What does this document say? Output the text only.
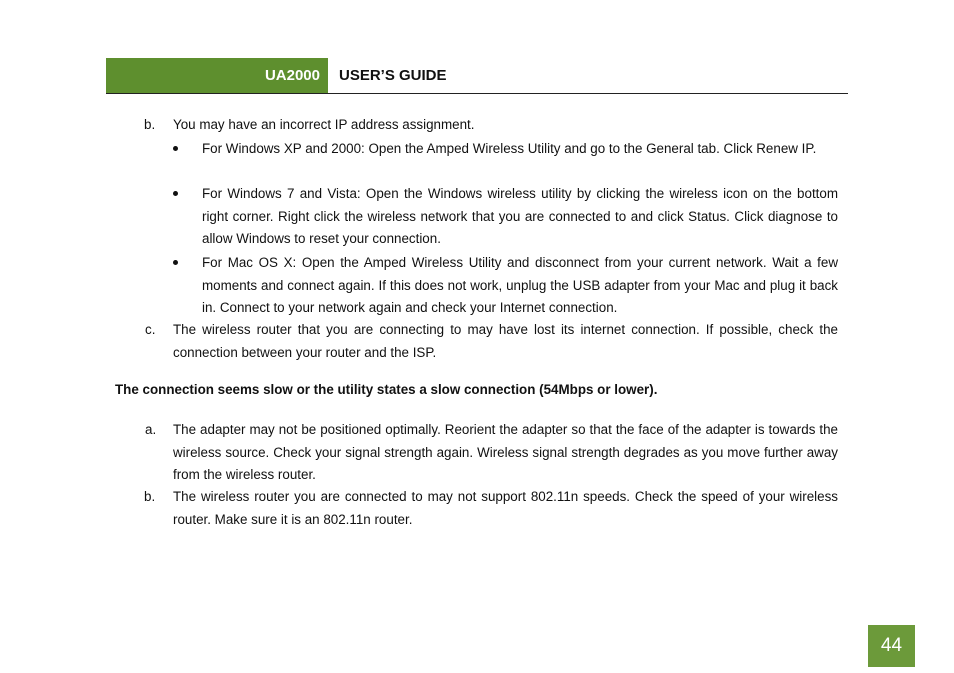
UA2000 USER’S GUIDE
b. You may have an incorrect IP address assignment.
For Windows XP and 2000: Open the Amped Wireless Utility and go to the General tab. Click Renew IP.
For Windows 7 and Vista: Open the Windows wireless utility by clicking the wireless icon on the bottom right corner. Right click the wireless network that you are connected to and click Status. Click diagnose to allow Windows to reset your connection.
For Mac OS X: Open the Amped Wireless Utility and disconnect from your current network. Wait a few moments and connect again. If this does not work, unplug the USB adapter from your Mac and plug it back in. Connect to your network again and check your Internet connection.
c. The wireless router that you are connecting to may have lost its internet connection. If possible, check the connection between your router and the ISP.
The connection seems slow or the utility states a slow connection (54Mbps or lower).
a. The adapter may not be positioned optimally. Reorient the adapter so that the face of the adapter is towards the wireless source. Check your signal strength again. Wireless signal strength degrades as you move further away from the wireless router.
b. The wireless router you are connected to may not support 802.11n speeds. Check the speed of your wireless router. Make sure it is an 802.11n router.
44
